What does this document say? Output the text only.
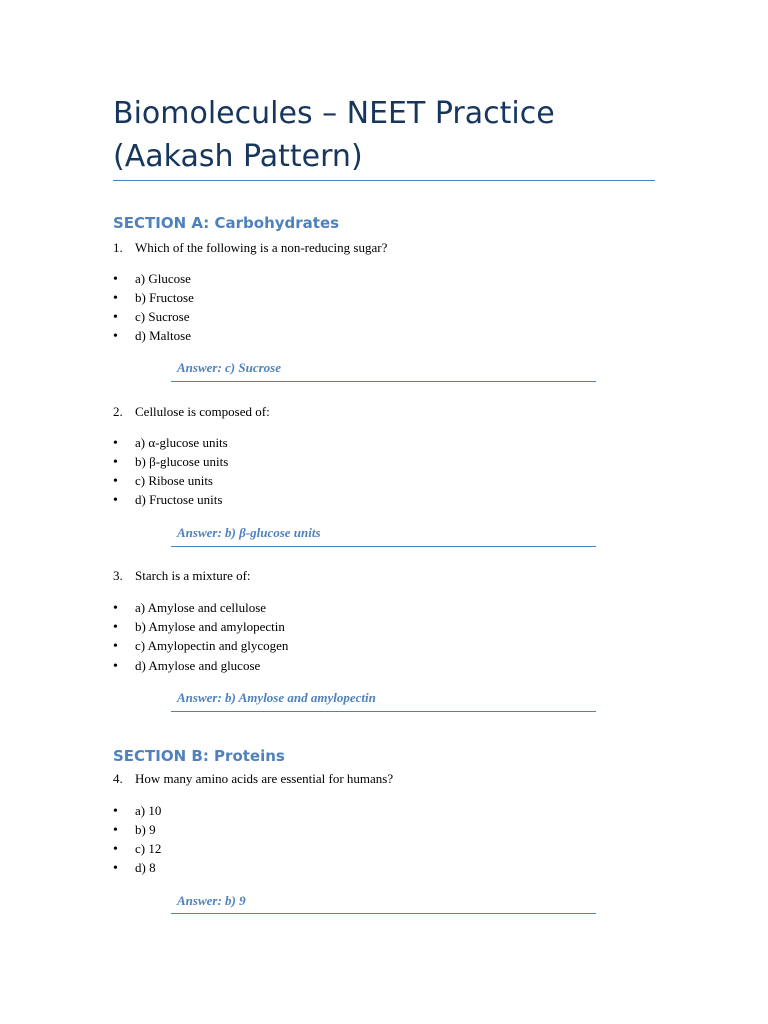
Biomolecules – NEET Practice (Aakash Pattern)
SECTION A: Carbohydrates
1. Which of the following is a non-reducing sugar?
• a) Glucose
• b) Fructose
• c) Sucrose
• d) Maltose
Answer: c) Sucrose
2. Cellulose is composed of:
• a) α-glucose units
• b) β-glucose units
• c) Ribose units
• d) Fructose units
Answer: b) β-glucose units
3. Starch is a mixture of:
• a) Amylose and cellulose
• b) Amylose and amylopectin
• c) Amylopectin and glycogen
• d) Amylose and glucose
Answer: b) Amylose and amylopectin
SECTION B: Proteins
4. How many amino acids are essential for humans?
• a) 10
• b) 9
• c) 12
• d) 8
Answer: b) 9
